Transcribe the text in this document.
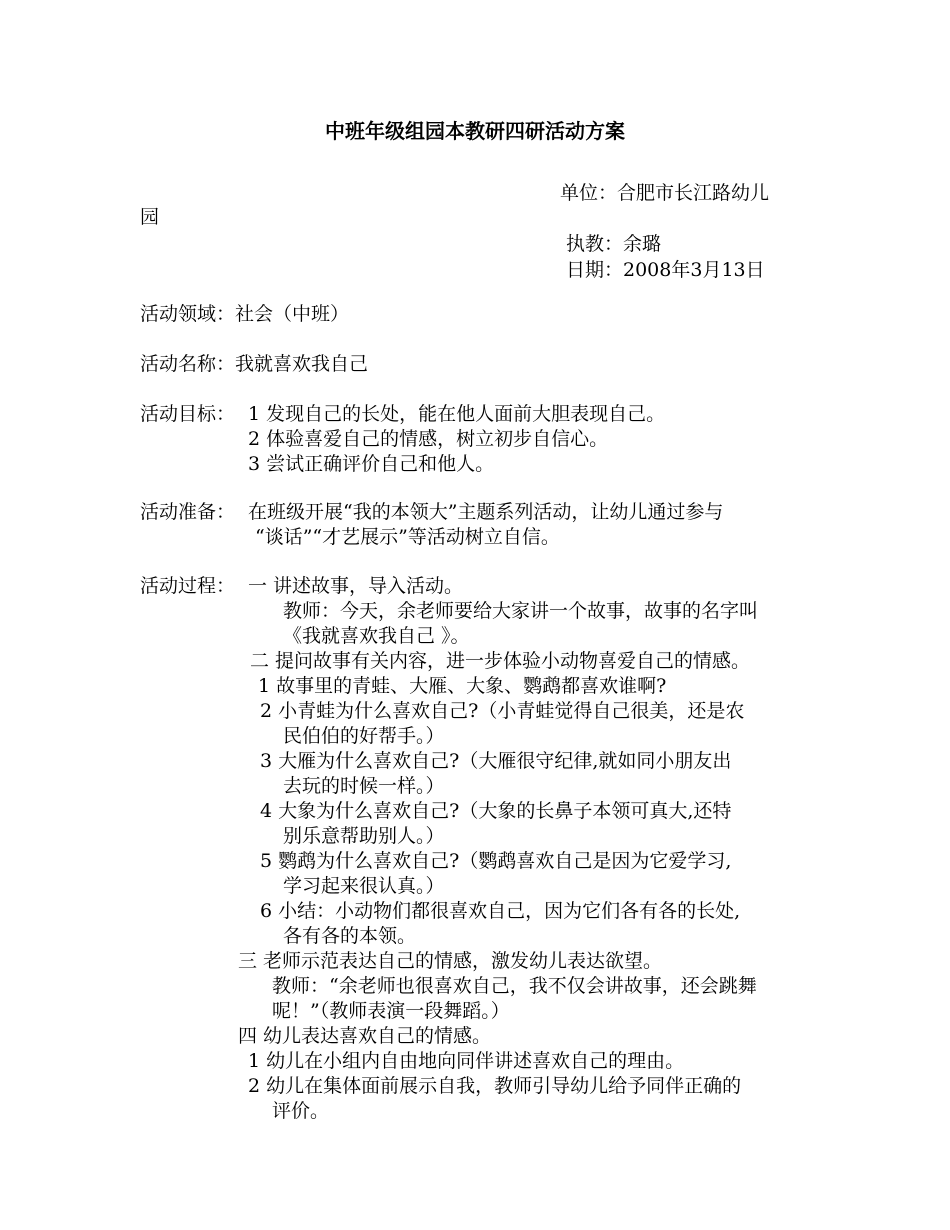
中班年级组园本教研四研活动方案
单位：合肥市长江路幼儿
园
执教：余璐
日期：2008年3月13日
活动领域：社会（中班）
活动名称：我就喜欢我自己
活动目标： 1 发现自己的长处，能在他人面前大胆表现自己。
2 体验喜爱自己的情感，树立初步自信心。
3 尝试正确评价自己和他人。
活动准备： 在班级开展“我的本领大”主题系列活动，让幼儿通过参与
“谈话”“才艺展示”等活动树立自信。
活动过程： 一 讲述故事，导入活动。
教师：今天，余老师要给大家讲一个故事，故事的名字叫
《我就喜欢我自己 》。
二 提问故事有关内容，进一步体验小动物喜爱自己的情感。
1 故事里的青蛙、大雁、大象、鹦鹉都喜欢谁啊?
2 小青蛙为什么喜欢自己?（小青蛙觉得自己很美，还是农
民伯伯的好帮手。）
3 大雁为什么喜欢自己?（大雁很守纪律,就如同小朋友出
去玩的时候一样。）
4 大象为什么喜欢自己?（大象的长鼻子本领可真大,还特
别乐意帮助别人。）
5 鹦鹉为什么喜欢自己?（鹦鹉喜欢自己是因为它爱学习,
学习起来很认真。）
6 小结：小动物们都很喜欢自己，因为它们各有各的长处,
各有各的本领。
三 老师示范表达自己的情感，激发幼儿表达欲望。
教师：“余老师也很喜欢自己，我不仅会讲故事，还会跳舞
呢！”（教师表演一段舞蹈。）
四 幼儿表达喜欢自己的情感。
1 幼儿在小组内自由地向同伴讲述喜欢自己的理由。
2 幼儿在集体面前展示自我，教师引导幼儿给予同伴正确的
评价。
